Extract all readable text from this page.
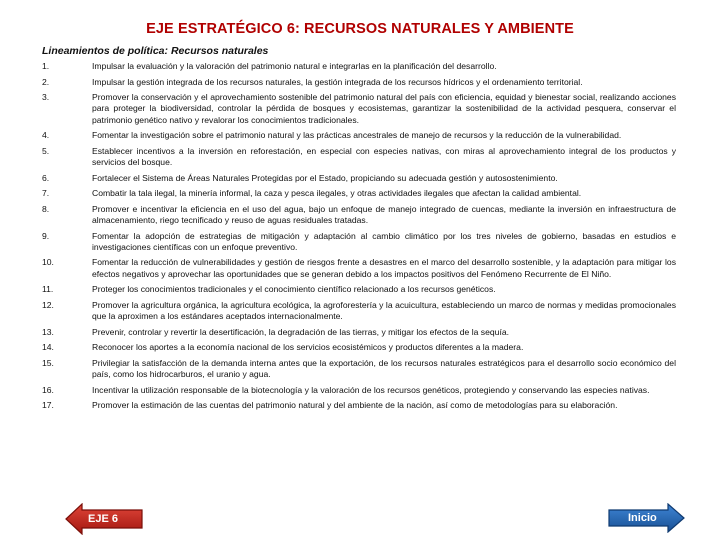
EJE ESTRATÉGICO 6: RECURSOS NATURALES Y AMBIENTE
Lineamientos de política: Recursos naturales
1.	Impulsar la evaluación y la valoración del patrimonio natural e integrarlas en la planificación del desarrollo.
2.	Impulsar la gestión integrada de los recursos naturales, la gestión integrada de los recursos hídricos y el ordenamiento territorial.
3.	Promover la conservación y el aprovechamiento sostenible del patrimonio natural del país con eficiencia, equidad y bienestar social, realizando acciones para proteger la biodiversidad, controlar la pérdida de bosques y ecosistemas, garantizar la sostenibilidad de la actividad pesquera, conservar el patrimonio genético nativo y revalorar los conocimientos tradicionales.
4.	Fomentar la investigación sobre el patrimonio natural y las prácticas ancestrales de manejo de recursos y la reducción de la vulnerabilidad.
5.	Establecer incentivos a la inversión en reforestación, en especial con especies nativas, con miras al aprovechamiento integral de los productos y servicios del bosque.
6.	Fortalecer el Sistema de Áreas Naturales Protegidas por el Estado, propiciando su adecuada gestión y autosostenimiento.
7.	Combatir la tala ilegal, la minería informal, la caza y pesca ilegales, y otras actividades ilegales que afectan la calidad ambiental.
8.	Promover e incentivar la eficiencia en el uso del agua, bajo un enfoque de manejo integrado de cuencas, mediante la inversión en infraestructura de almacenamiento, riego tecnificado y reuso de aguas residuales tratadas.
9.	Fomentar la adopción de estrategias de mitigación y adaptación al cambio climático por los tres niveles de gobierno, basadas en estudios e investigaciones científicas con un enfoque preventivo.
10.	Fomentar la reducción de vulnerabilidades y gestión de riesgos frente a desastres en el marco del desarrollo sostenible, y la adaptación para mitigar los efectos negativos y aprovechar las oportunidades que se generan debido a los impactos positivos del Fenómeno Recurrente de El Niño.
11.	Proteger los conocimientos tradicionales y el conocimiento científico relacionado a los recursos genéticos.
12.	Promover la agricultura orgánica, la agricultura ecológica, la agroforestería y la acuicultura, estableciendo un marco de normas y medidas promocionales que la aproximen a los estándares aceptados internacionalmente.
13.	Prevenir, controlar y revertir la desertificación, la degradación de las tierras, y mitigar los efectos de la sequía.
14.	Reconocer los aportes a la economía nacional de los servicios ecosistémicos y productos diferentes a la madera.
15.	Privilegiar la satisfacción de la demanda interna antes que la exportación, de los recursos naturales estratégicos para el desarrollo socio económico del país, como los hidrocarburos, el uranio y agua.
16.	Incentivar la utilización responsable de la biotecnología y la valoración de los recursos genéticos, protegiendo y conservando las especies nativas.
17.	Promover la estimación de las cuentas del patrimonio natural y del ambiente de la nación, así como de metodologías para su elaboración.
EJE 6	Inicio
